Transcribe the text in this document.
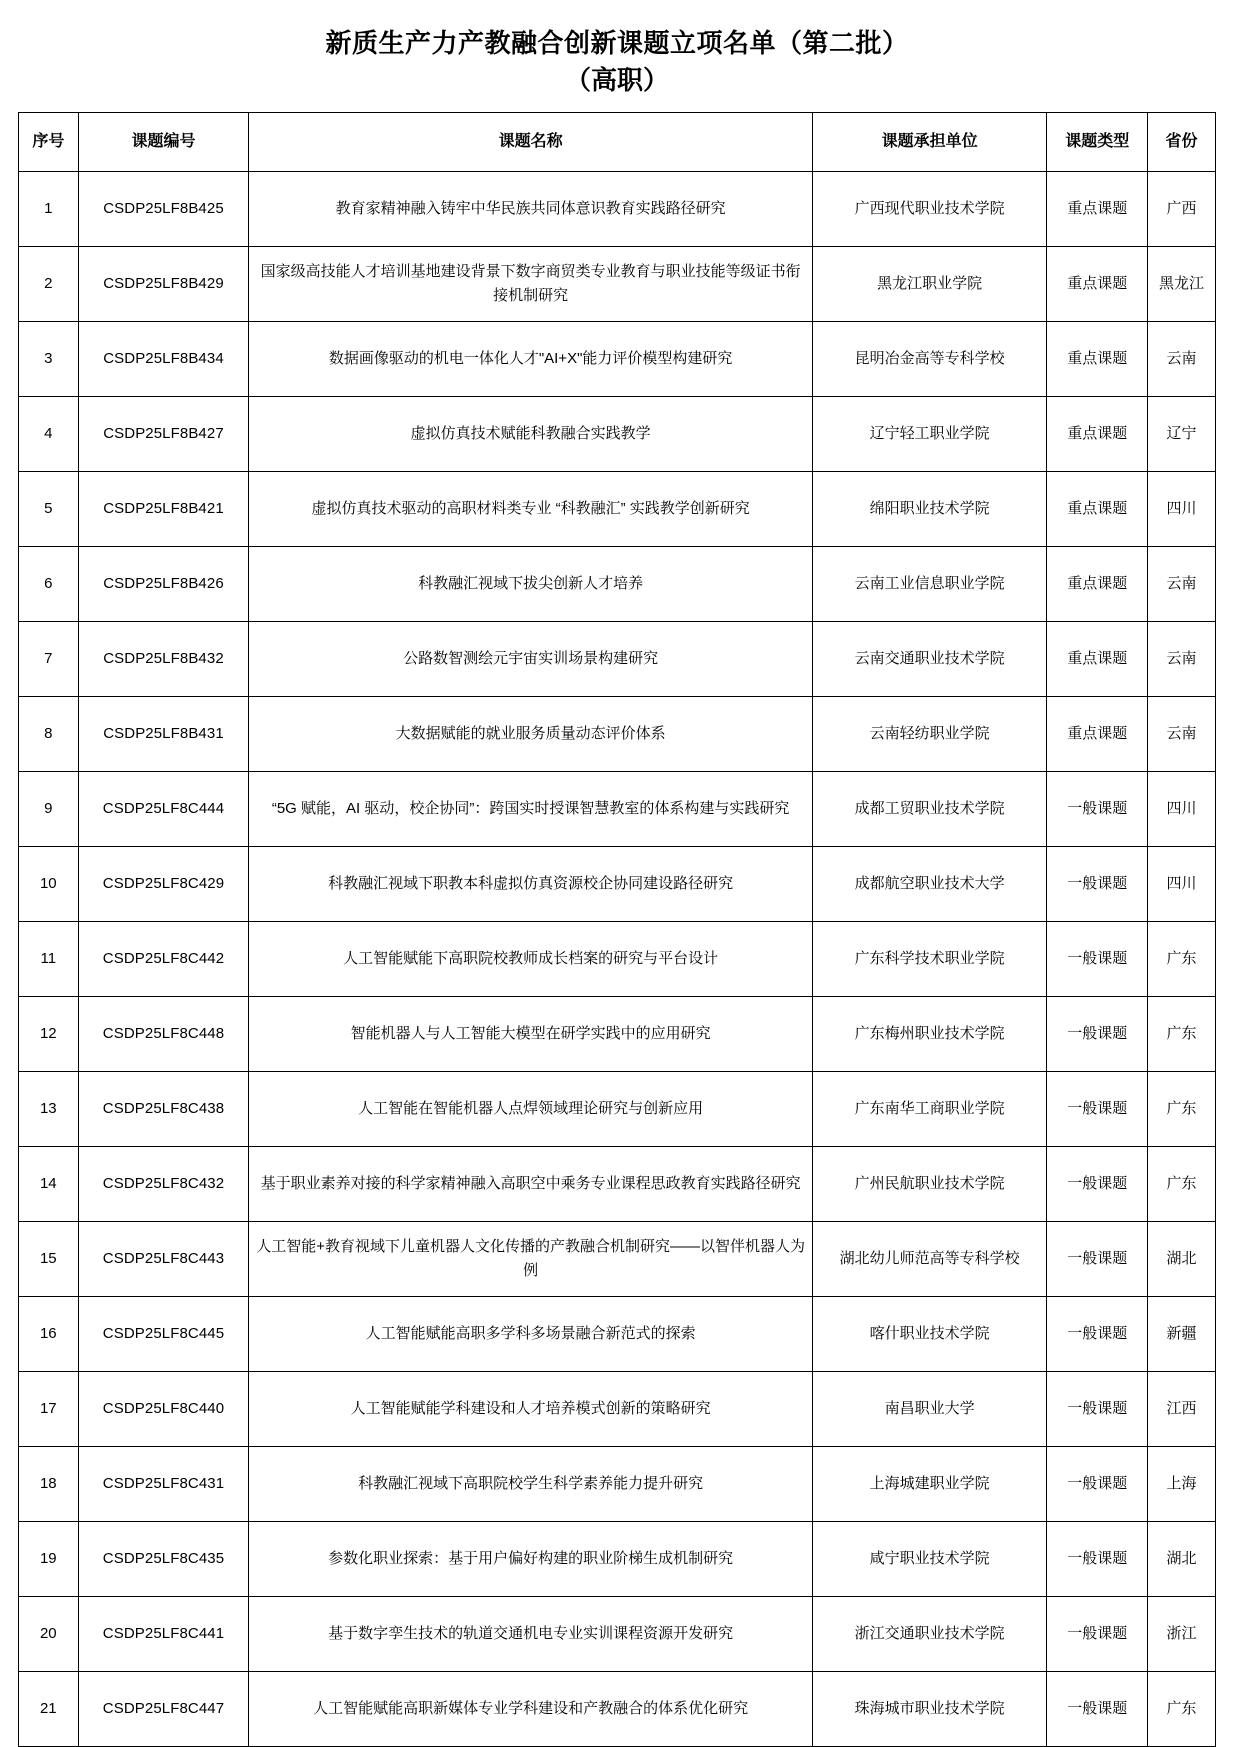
新质生产力产教融合创新课题立项名单（第二批）
（高职）
序号	课题编号	课题名称	课题承担单位	课题类型	省份
1	CSDP25LF8B425	教育家精神融入铸牢中华民族共同体意识教育实践路径研究	广西现代职业技术学院	重点课题	广西
2	CSDP25LF8B429	国家级高技能人才培训基地建设背景下数字商贸类专业教育与职业技能等级证书衔接机制研究	黑龙江职业学院	重点课题	黑龙江
3	CSDP25LF8B434	数据画像驱动的机电一体化人才"AI+X"能力评价模型构建研究	昆明冶金高等专科学校	重点课题	云南
4	CSDP25LF8B427	虚拟仿真技术赋能科教融合实践教学	辽宁轻工职业学院	重点课题	辽宁
5	CSDP25LF8B421	虚拟仿真技术驱动的高职材料类专业 “科教融汇” 实践教学创新研究	绵阳职业技术学院	重点课题	四川
6	CSDP25LF8B426	科教融汇视域下拔尖创新人才培养	云南工业信息职业学院	重点课题	云南
7	CSDP25LF8B432	公路数智测绘元宇宙实训场景构建研究	云南交通职业技术学院	重点课题	云南
8	CSDP25LF8B431	大数据赋能的就业服务质量动态评价体系	云南轻纺职业学院	重点课题	云南
9	CSDP25LF8C444	“5G 赋能，AI 驱动，校企协同”：跨国实时授课智慧教室的体系构建与实践研究	成都工贸职业技术学院	一般课题	四川
10	CSDP25LF8C429	科教融汇视域下职教本科虚拟仿真资源校企协同建设路径研究	成都航空职业技术大学	一般课题	四川
11	CSDP25LF8C442	人工智能赋能下高职院校教师成长档案的研究与平台设计	广东科学技术职业学院	一般课题	广东
12	CSDP25LF8C448	智能机器人与人工智能大模型在研学实践中的应用研究	广东梅州职业技术学院	一般课题	广东
13	CSDP25LF8C438	人工智能在智能机器人点焊领域理论研究与创新应用	广东南华工商职业学院	一般课题	广东
14	CSDP25LF8C432	基于职业素养对接的科学家精神融入高职空中乘务专业课程思政教育实践路径研究	广州民航职业技术学院	一般课题	广东
15	CSDP25LF8C443	人工智能+教育视域下儿童机器人文化传播的产教融合机制研究——以智伴机器人为例	湖北幼儿师范高等专科学校	一般课题	湖北
16	CSDP25LF8C445	人工智能赋能高职多学科多场景融合新范式的探索	喀什职业技术学院	一般课题	新疆
17	CSDP25LF8C440	人工智能赋能学科建设和人才培养模式创新的策略研究	南昌职业大学	一般课题	江西
18	CSDP25LF8C431	科教融汇视域下高职院校学生科学素养能力提升研究	上海城建职业学院	一般课题	上海
19	CSDP25LF8C435	参数化职业探索：基于用户偏好构建的职业阶梯生成机制研究	咸宁职业技术学院	一般课题	湖北
20	CSDP25LF8C441	基于数字孪生技术的轨道交通机电专业实训课程资源开发研究	浙江交通职业技术学院	一般课题	浙江
21	CSDP25LF8C447	人工智能赋能高职新媒体专业学科建设和产教融合的体系优化研究	珠海城市职业技术学院	一般课题	广东
